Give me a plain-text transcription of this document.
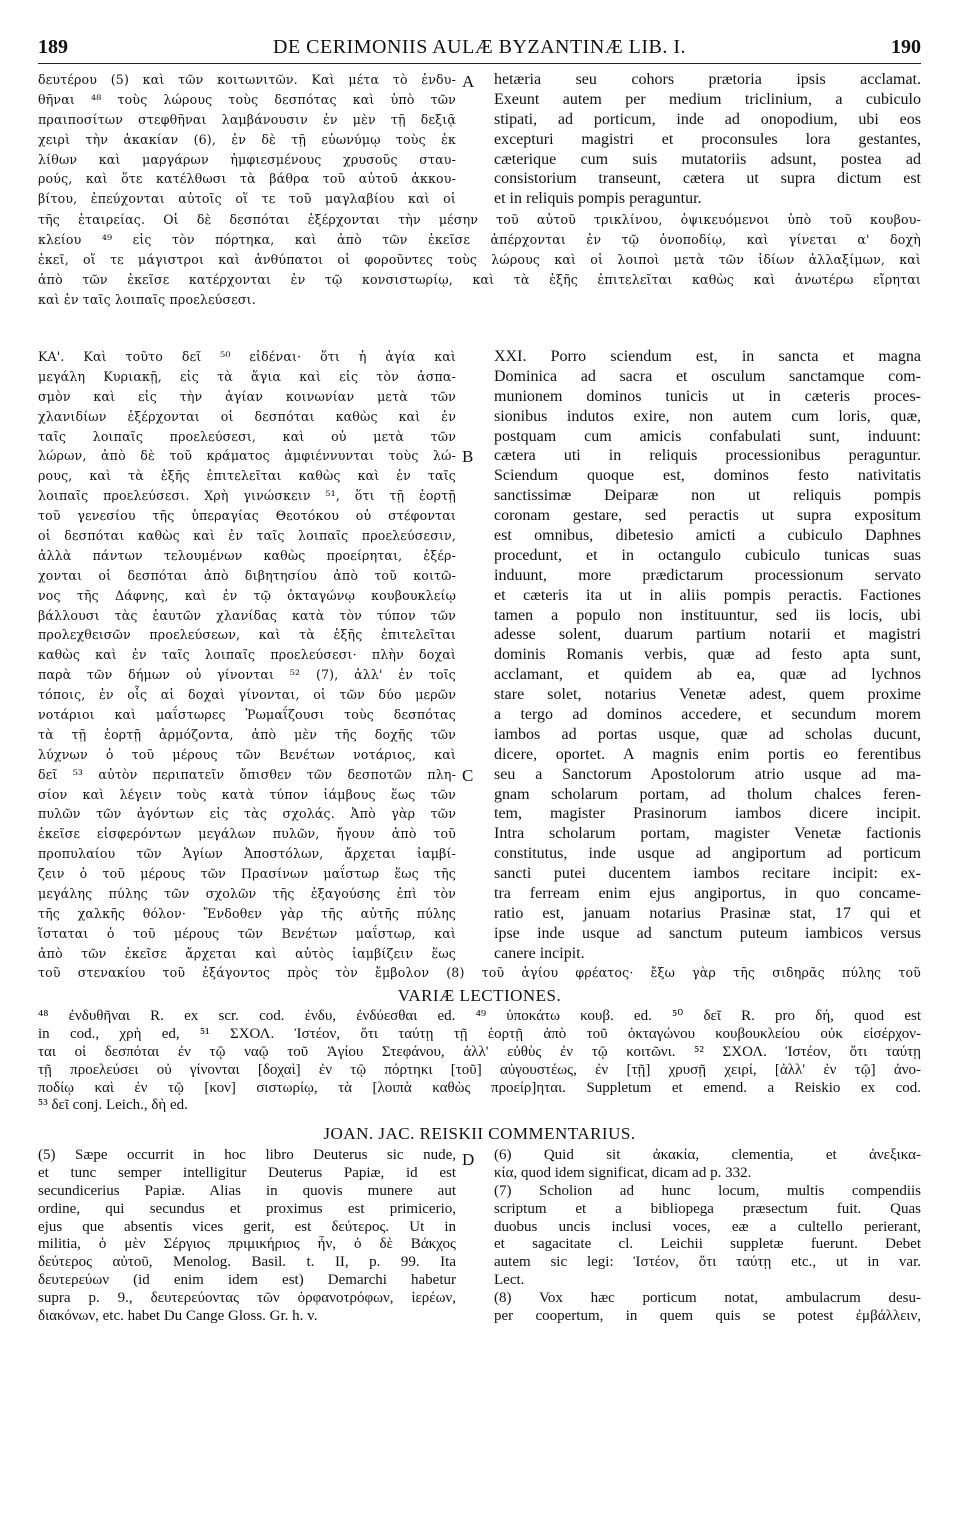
189	DE CERIMONIIS AULÆ BYZANTINÆ LIB. I.	190
δευτέρου (5) καὶ τῶν κοιτωνιτῶν. Καὶ μέτα τὸ ἐνδυ-
θῆναι ⁴⁸ τοὺς λώρους τοὺς δεσπότας καὶ ὑπὸ τῶν
πραιποσίτων στεφθῆναι λαμβάνουσιν ἐν μὲν τῇ δεξιᾷ
χειρὶ τὴν ἀκακίαν (6), ἐν δὲ τῇ εὐωνύμῳ τοὺς ἐκ
λίθων καὶ μαργάρων ἠμφιεσμένους χρυσοῦς σταυ-
ρούς, καὶ ὅτε κατέλθωσι τὰ βάθρα τοῦ αὐτοῦ ἀκκου-
βίτου, ἐπεύχονται αὐτοῖς οἵ τε τοῦ μαγλαβίου καὶ οἱ
A hetæria seu cohors prætoria ipsis acclamat.
Exeunt autem per medium triclinium, a cubiculo
stipati, ad porticum, inde ad onopodium, ubi eos
excepturi magistri et proconsules lora gestantes,
cæterique cum suis mutatoriis adsunt, postea ad
consistorium transeunt, cætera ut supra dictum est
et in reliquis pompis peraguntur.
τῆς ἑταιρείας. Οἱ δὲ δεσπόται ἐξέρχονται τὴν μέσην τοῦ αὐτοῦ τρικλίνου, ὀψικευόμενοι ὑπὸ τοῦ κουβου-
κλείου ⁴⁹ εἰς τὸν πόρτηκα, καὶ ἀπὸ τῶν ἐκεῖσε ἀπέρχονται ἐν τῷ ὀνοποδίῳ, καὶ γίνεται α' δοχὴ
ἐκεῖ, οἵ τε μάγιστροι καὶ ἀνθύπατοι οἱ φοροῦντες τοὺς λώρους καὶ οἱ λοιποὶ μετὰ τῶν ἰδίων ἀλλαξίμων, καὶ
ἀπὸ τῶν ἐκεῖσε κατέρχονται ἐν τῷ κονσιστωρίῳ, καὶ τὰ ἑξῆς ἐπιτελεῖται καθὼς καὶ ἀνωτέρω εἴρηται
καὶ ἐν ταῖς λοιπαῖς προελεύσεσι.
ΚΑ'. Καὶ τοῦτο δεῖ ⁵⁰ εἰδέναι· ὅτι ἡ ἁγία καὶ
μεγάλη Κυριακῇ, εἰς τὰ ἅγια καὶ εἰς τὸν ἀσπα-
σμὸν καὶ εἰς τὴν ἁγίαν κοινωνίαν μετὰ τῶν
χλανιδίων ἐξέρχονται οἱ δεσπόται καθὼς καὶ ἐν
ταῖς λοιπαῖς προελεύσεσι, καὶ οὐ μετὰ τῶν
λώρων, ἀπὸ δὲ τοῦ κράματος ἀμφιέννυνται τοὺς λώ-
ρους, καὶ τὰ ἑξῆς ἐπιτελεῖται καθὼς καὶ ἐν ταῖς
λοιπαῖς προελεύσεσι. Χρὴ γινώσκειν ⁵¹, ὅτι τῇ ἑορτῇ
τοῦ γενεσίου τῆς ὑπεραγίας Θεοτόκου οὐ στέφονται
οἱ δεσπόται καθὼς καὶ ἐν ταῖς λοιπαῖς προελεύσεσιν,
ἀλλὰ πάντων τελουμένων καθὼς προείρηται, ἐξέρ-
χονται οἱ δεσπόται ἀπὸ διβητησίου ἀπὸ τοῦ κοιτῶ-
νος τῆς Δάφνης, καὶ ἐν τῷ ὀκταγώνῳ κουβουκλείῳ
βάλλουσι τὰς ἑαυτῶν χλανίδας κατὰ τὸν τύπον τῶν
προλεχθεισῶν προελεύσεων, καὶ τὰ ἑξῆς ἐπιτελεῖται
καθὼς καὶ ἐν ταῖς λοιπαῖς προελεύσεσι· πλὴν δοχαὶ
παρὰ τῶν δήμων οὐ γίνονται ⁵² (7), ἀλλ' ἐν τοῖς
τόποις, ἐν οἷς αἱ δοχαὶ γίνονται, οἱ τῶν δύο μερῶν
νοτάριοι καὶ μαΐστωρες Ῥωμαΐζουσι τοὺς δεσπότας
τὰ τῇ ἑορτῇ ἁρμόζοντα, ἀπὸ μὲν τῆς δοχῆς τῶν
λύχνων ὁ τοῦ μέρους τῶν Βενέτων νοτάριος, καὶ
δεῖ ⁵³ αὐτὸν περιπατεῖν ὄπισθεν τῶν δεσποτῶν πλη-
σίον καὶ λέγειν τοὺς κατὰ τύπον ἰάμβους ἕως τῶν
πυλῶν τῶν ἀγόντων εἰς τὰς σχολάς. Ἀπὸ γὰρ τῶν
ἐκεῖσε εἰσφερόντων μεγάλων πυλῶν, ἤγουν ἀπὸ τοῦ
προπυλαίου τῶν Ἁγίων Ἀποστόλων, ἄρχεται ἰαμβί-
ζειν ὁ τοῦ μέρους τῶν Πρασίνων μαΐστωρ ἕως τῆς
μεγάλης πύλης τῶν σχολῶν τῆς ἐξαγούσης ἐπὶ τὸν
τῆς χαλκῆς θόλον· Ἔνδοθεν γὰρ τῆς αὐτῆς πύλης
ἵσταται ὁ τοῦ μέρους τῶν Βενέτων μαΐστωρ, καὶ
ἀπὸ τῶν ἐκεῖσε ἄρχεται καὶ αὐτὸς ἰαμβίζειν ἕως
B
C
XXI. Porro sciendum est, in sancta et magna
Dominica ad sacra et osculum sanctamque com-
munionem dominos tunicis ut in cæteris proces-
sionibus indutos exire, non autem cum loris, quæ,
postquam cum amicis confabulati sunt, induunt:
cætera uti in reliquis processionibus peraguntur.
Sciendum quoque est, dominos festo nativitatis
sanctissimæ Deiparæ non ut reliquis pompis
coronam gestare, sed peractis ut supra expositum
est omnibus, dibetesio amicti a cubiculo Daphnes
procedunt, et in octangulo cubiculo tunicas suas
induunt, more prædictarum processionum servato
et cæteris ita ut in aliis pompis peractis. Factiones
tamen a populo non instituuntur, sed iis locis, ubi
adesse solent, duarum partium notarii et magistri
dominis Romanis verbis, quæ ad festo apta sunt,
acclamant, et quidem ab ea, quæ ad lychnos
stare solet, notarius Venetæ adest, quem proxime
a tergo ad dominos accedere, et secundum morem
iambos ad portas usque, quæ ad scholas ducunt,
dicere, oportet. A magnis enim portis eo ferentibus
seu a Sanctorum Apostolorum atrio usque ad ma-
gnam scholarum portam, ad tholum chalces feren-
tem, magister Prasinorum iambos dicere incipit.
Intra scholarum portam, magister Venetæ factionis
constitutus, inde usque ad angiportum ad porticum
sancti putei ducentem iambos recitare incipit: ex-
tra ferream enim ejus angiportus, in quo concame-
ratio est, januam notarius Prasinæ stat, 17 qui et
ipse inde usque ad sanctum puteum iambicos versus
canere incipit.
τοῦ στενακίου τοῦ ἐξάγοντος πρὸς τὸν ἔμβολον (8) τοῦ ἁγίου φρέατος· ἔξω γὰρ τῆς σιδηρᾶς πύλης τοῦ
VARIÆ LECTIONES.
⁴⁸ ἐνδυθῆναι R. ex scr. cod. ἐνδυ, ἐνδύεσθαι ed. ⁴⁹ ὑποκάτω κουβ. ed. ⁵⁰ δεῖ R. pro δή, quod est
in cod., χρὴ ed, ⁵¹ ΣΧΟΛ. Ἰστέον, ὅτι ταύτῃ τῇ ἑορτῇ ἀπὸ τοῦ ὀκταγώνου κουβουκλείου οὐκ εἰσέρχον-
ται οἱ δεσπόται ἐν τῷ ναῷ τοῦ Ἁγίου Στεφάνου, ἀλλ' εὐθὺς ἐν τῷ κοιτῶνι. ⁵² ΣΧΟΛ. Ἰστέον, ὅτι ταύτῃ
τῇ προελεύσει οὐ γίνονται [δοχαὶ] ἐν τῷ πόρτηκι [τοῦ] αὐγουστέως, ἐν [τῇ] χρυσῇ χειρί, [ἀλλ' ἐν τῷ] ἀνο-
ποδίῳ καὶ ἐν τῷ [κον] σιστωρίῳ, τὰ [λοιπὰ καθὼς προείρ]ηται. Suppletum et emend. a Reiskio ex cod.
⁵³ δεῖ conj. Leich., δὴ ed.
JOAN. JAC. REISKII COMMENTARIUS.
(5) Sæpe occurrit in hoc libro Deuterus sic nude,
et tunc semper intelligitur Deuterus Papiæ, id est
secundicerius Papiæ. Alias in quovis munere aut
ordine, qui secundus et proximus est primicerio,
ejus que absentis vices gerit, est δεύτερος. Ut in
militia, ὁ μὲν Σέργιος πριμικήριος ἦν, ὁ δὲ Βάκχος
δεύτερος αὐτοῦ, Menolog. Basil. t. II, p. 99. Ita
δευτερεύων (id enim idem est) Demarchi habetur
supra p. 9., δευτερεύοντας τῶν ὀρφανοτρόφων, ἱερέων,
διακόνων, etc. habet Du Cange Gloss. Gr. h. v.
D (6) Quid sit ἀκακία, clementia, et ἀνεξικα-
κία, quod idem significat, dicam ad p. 332.
(7) Scholion ad hunc locum, multis compendiis
scriptum et a bibliopega præsectum fuit. Quas
duobus uncis inclusi voces, eæ a cultello perierant,
et sagacitate cl. Leichii suppletæ fuerunt. Debet
autem sic legi: Ἰστέον, ὅτι ταύτῃ etc., ut in var.
Lect.
(8) Vox hæc porticum notat, ambulacrum desu-
per coopertum, in quem quis se potest ἐμβάλλειν,
